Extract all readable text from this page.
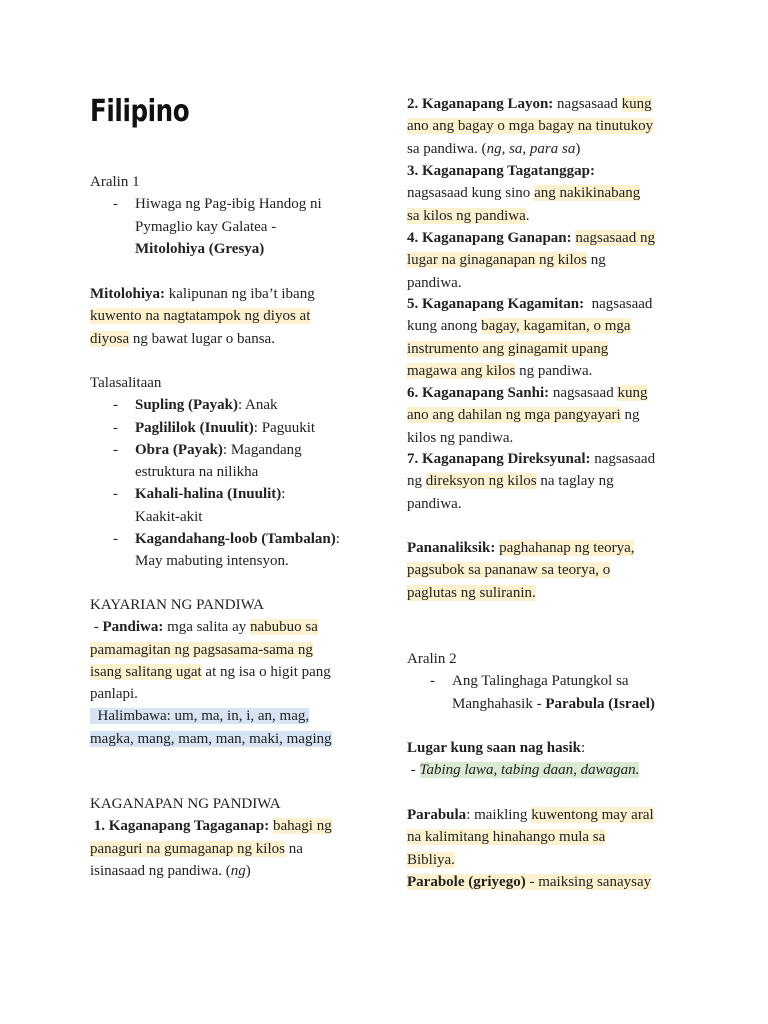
Filipino

Aralin 1

- Hiwaga ng Pag-ibig Handog ni

Pymaglio kay Galatea -

Mitolohiya (Gresya)

Mitolohiya: kalipunan ng iba’t ibang

kuwento na nagtatampok ng diyos at

diyosa ng bawat lugar o bansa.

Talasalitaan

- Supling (Payak): Anak

- Paglililok (Inuulit): Paguukit

- Obra (Payak): Magandang

estruktura na nilikha

- Kahali-halina (Inuulit):

Kaakit-akit

- Kagandahang-loob (Tambalan):

May mabuting intensyon.

KAYARIAN NG PANDIWA

- Pandiwa: mga salita ay nabubuo sa

pamamagitan ng pagsasama-sama ng

isang salitang ugat at ng isa o higit pang

panlapi.

Halimbawa: um, ma, in, i, an, mag,

magka, mang, mam, man, maki, maging

KAGANAPAN NG PANDIWA

1. Kaganapang Tagaganap: bahagi ng

panaguri na gumaganap ng kilos na

isinasaad ng pandiwa. (ng)

2. Kaganapang Layon: nagsasaad kung

ano ang bagay o mga bagay na tinutukoy

sa pandiwa. (ng, sa, para sa)

3. Kaganapang Tagatanggap:

nagsasaad kung sino ang nakikinabang

sa kilos ng pandiwa.

4. Kaganapang Ganapan: nagsasaad ng

lugar na ginaganapan ng kilos ng

pandiwa.

5. Kaganapang Kagamitan:  nagsasaad

kung anong bagay, kagamitan, o mga

instrumento ang ginagamit upang

magawa ang kilos ng pandiwa.

6. Kaganapang Sanhi: nagsasaad kung

ano ang dahilan ng mga pangyayari ng

kilos ng pandiwa.

7. Kaganapang Direksyunal: nagsasaad

ng direksyon ng kilos na taglay ng

pandiwa.

Pananaliksik: paghahanap ng teorya,

pagsubok sa pananaw sa teorya, o

paglutas ng suliranin.

Aralin 2

- Ang Talinghaga Patungkol sa

Manghahasik - Parabula (Israel)

Lugar kung saan nag hasik:

- Tabing lawa, tabing daan, dawagan.

Parabula: maikling kuwentong may aral

na kalimitang hinahango mula sa

Bibliya.

Parabole (griyego) - maiksing sanaysay
